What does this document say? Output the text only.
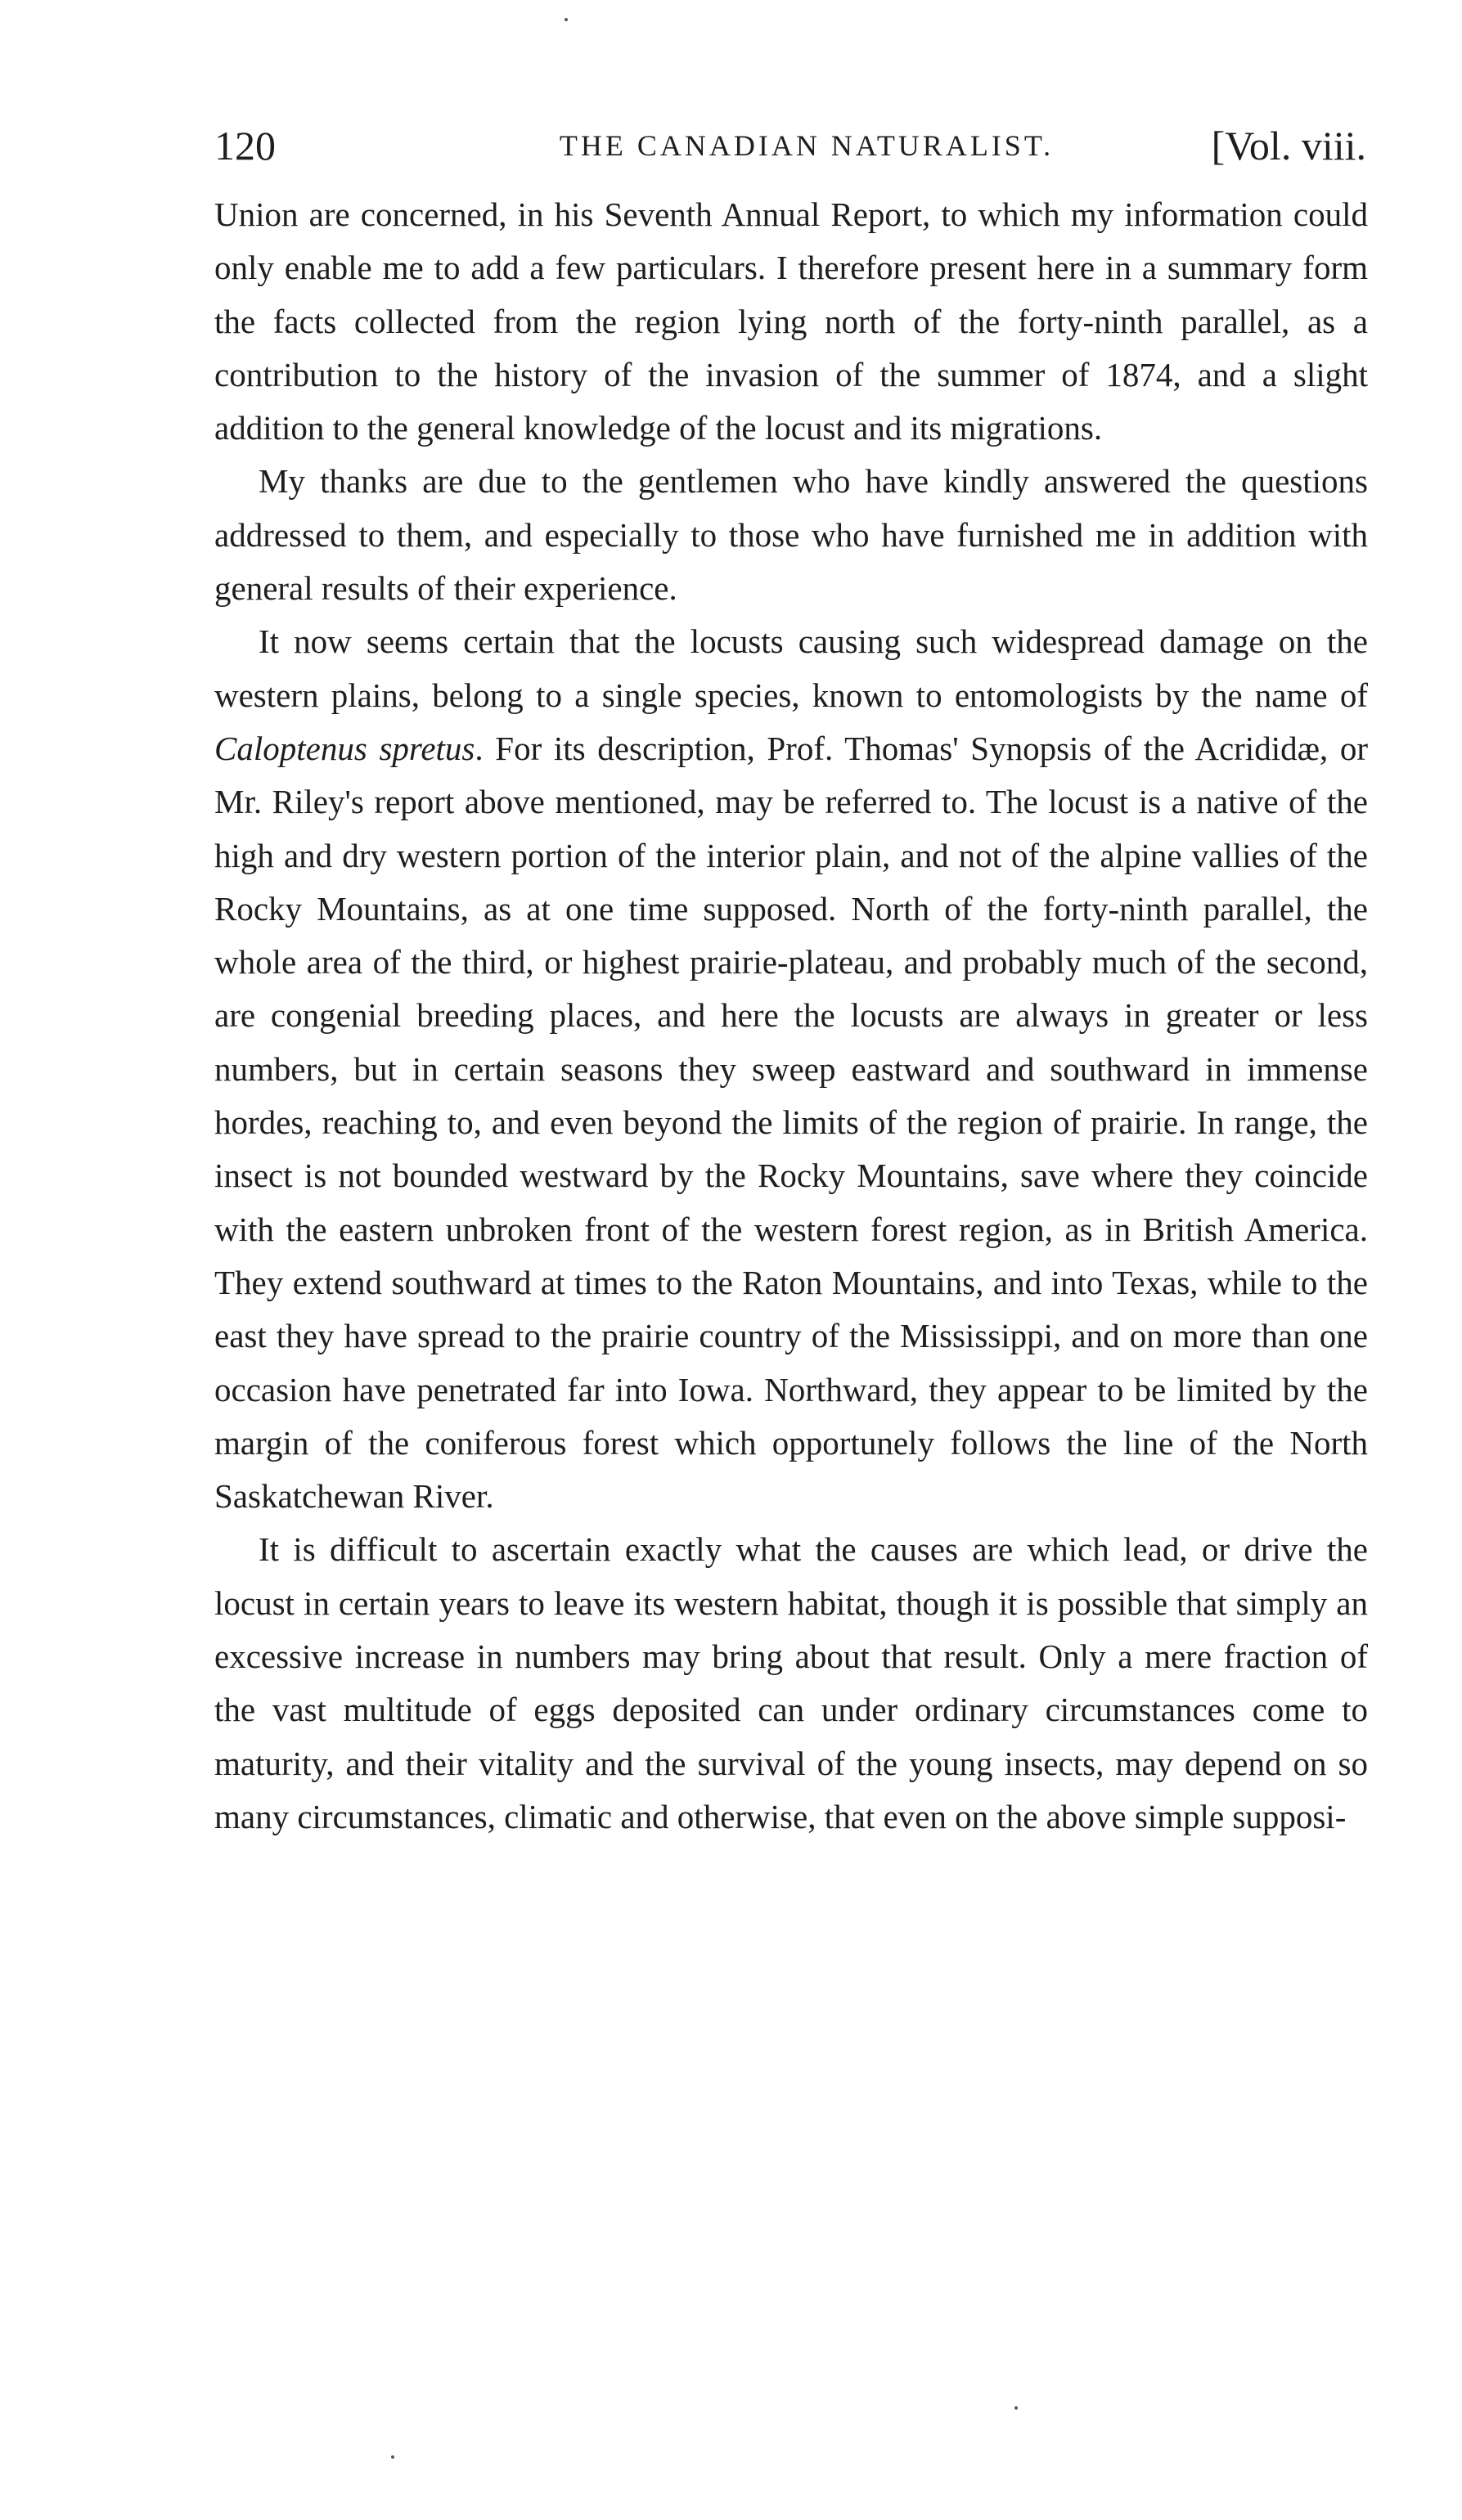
120	THE CANADIAN NATURALIST.	[Vol. viii.

Union are concerned, in his Seventh Annual Report, to which my information could only enable me to add a few particulars. I therefore present here in a summary form the facts collected from the region lying north of the forty-ninth parallel, as a contribution to the history of the invasion of the summer of 1874, and a slight addition to the general knowledge of the locust and its migrations.

My thanks are due to the gentlemen who have kindly answered the questions addressed to them, and especially to those who have furnished me in addition with general results of their experience.

It now seems certain that the locusts causing such widespread damage on the western plains, belong to a single species, known to entomologists by the name of Caloptenus spretus. For its description, Prof. Thomas' Synopsis of the Acrididæ, or Mr. Riley's report above mentioned, may be referred to. The locust is a native of the high and dry western portion of the interior plain, and not of the alpine vallies of the Rocky Mountains, as at one time supposed. North of the forty-ninth parallel, the whole area of the third, or highest prairie-plateau, and probably much of the second, are congenial breeding places, and here the locusts are always in greater or less numbers, but in certain seasons they sweep eastward and southward in immense hordes, reaching to, and even beyond the limits of the region of prairie. In range, the insect is not bounded westward by the Rocky Mountains, save where they coincide with the eastern unbroken front of the western forest region, as in British America. They extend southward at times to the Raton Mountains, and into Texas, while to the east they have spread to the prairie country of the Mississippi, and on more than one occasion have penetrated far into Iowa. Northward, they appear to be limited by the margin of the coniferous forest which opportunely follows the line of the North Saskatchewan River.

It is difficult to ascertain exactly what the causes are which lead, or drive the locust in certain years to leave its western habitat, though it is possible that simply an excessive increase in numbers may bring about that result. Only a mere fraction of the vast multitude of eggs deposited can under ordinary circumstances come to maturity, and their vitality and the survival of the young insects, may depend on so many circumstances, climatic and otherwise, that even on the above simple supposi-
